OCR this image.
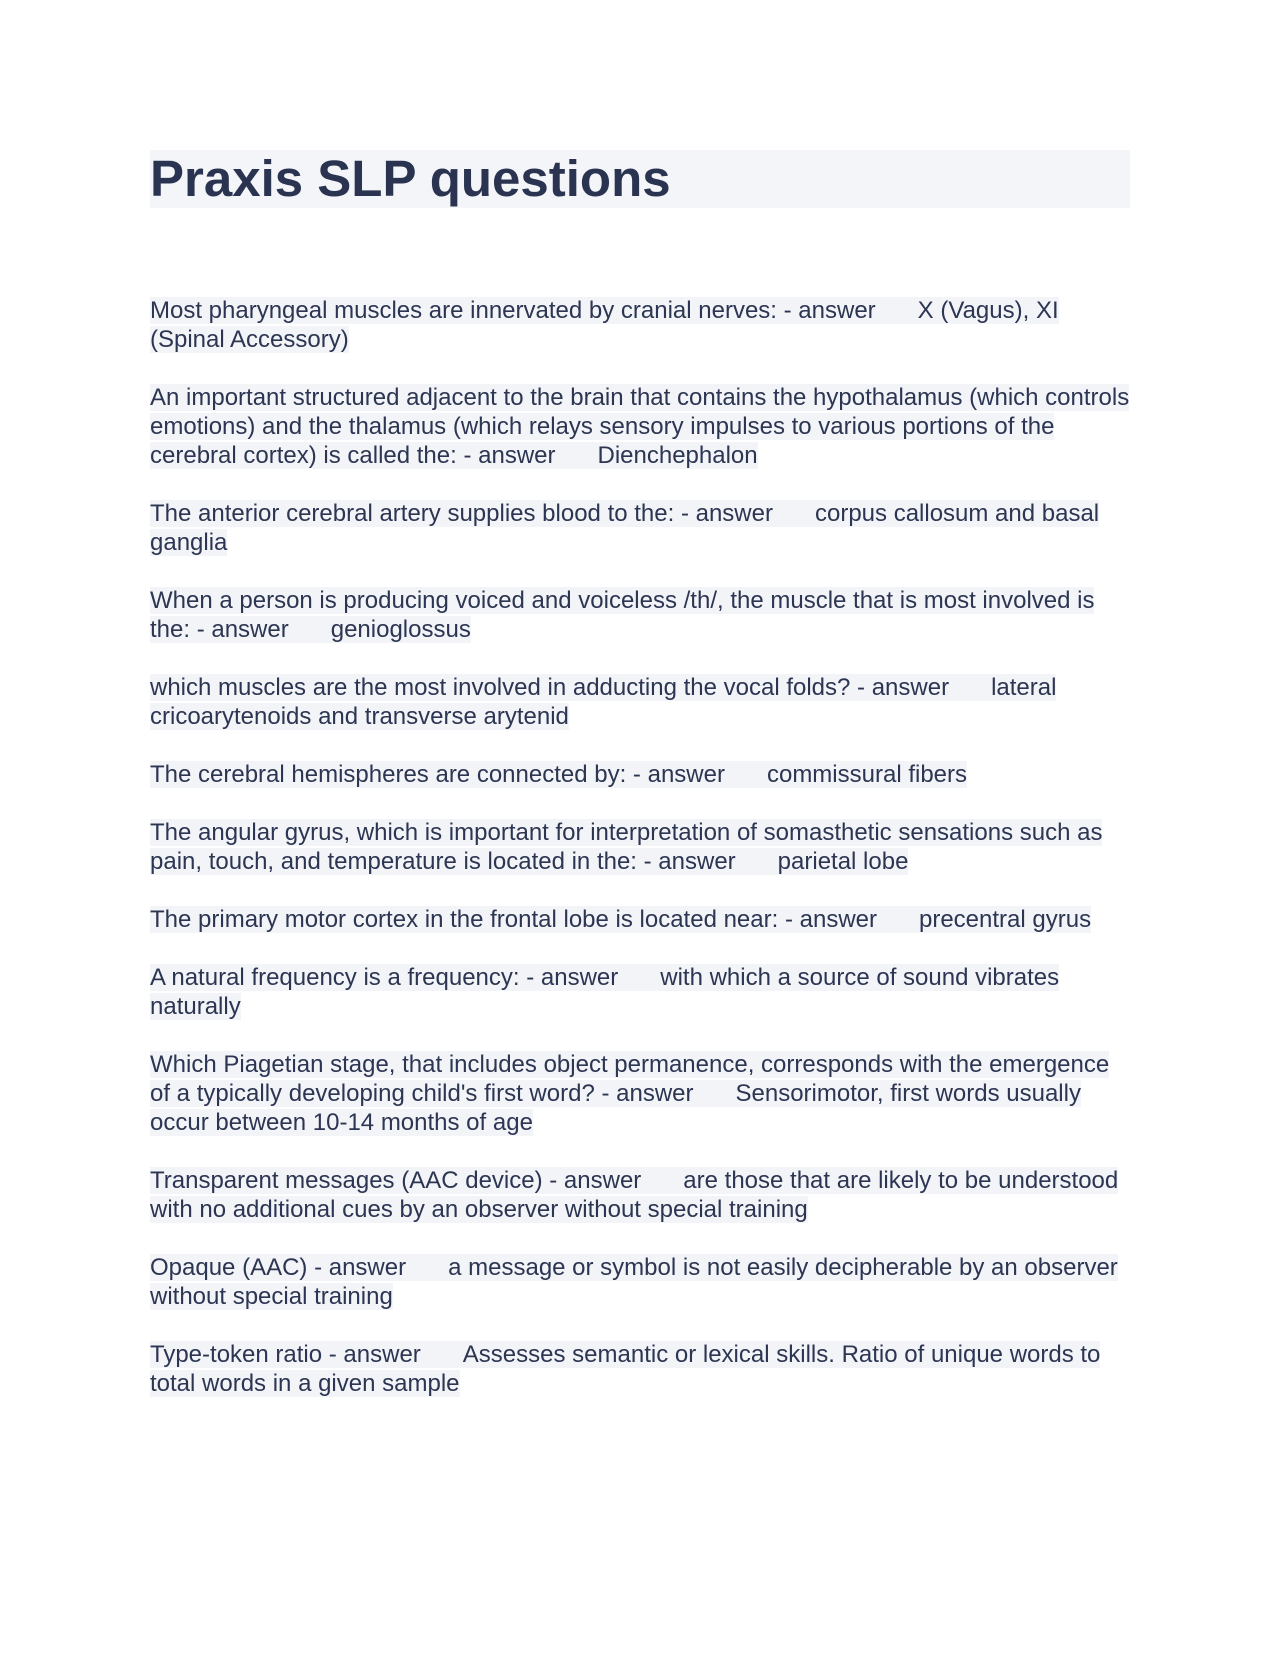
Praxis SLP questions

Most pharyngeal muscles are innervated by cranial nerves: - answer X (Vagus), XI (Spinal Accessory)

An important structured adjacent to the brain that contains the hypothalamus (which controls emotions) and the thalamus (which relays sensory impulses to various portions of the cerebral cortex) is called the: - answer Dienchephalon

The anterior cerebral artery supplies blood to the: - answer corpus callosum and basal ganglia

When a person is producing voiced and voiceless /th/, the muscle that is most involved is the: - answer genioglossus

which muscles are the most involved in adducting the vocal folds? - answer lateral cricoarytenoids and transverse arytenid

The cerebral hemispheres are connected by: - answer commissural fibers

The angular gyrus, which is important for interpretation of somasthetic sensations such as pain, touch, and temperature is located in the: - answer parietal lobe

The primary motor cortex in the frontal lobe is located near: - answer precentral gyrus

A natural frequency is a frequency: - answer with which a source of sound vibrates naturally

Which Piagetian stage, that includes object permanence, corresponds with the emergence of a typically developing child's first word? - answer Sensorimotor, first words usually occur between 10-14 months of age

Transparent messages (AAC device) - answer are those that are likely to be understood with no additional cues by an observer without special training

Opaque (AAC) - answer a message or symbol is not easily decipherable by an observer without special training

Type-token ratio - answer Assesses semantic or lexical skills. Ratio of unique words to total words in a given sample
